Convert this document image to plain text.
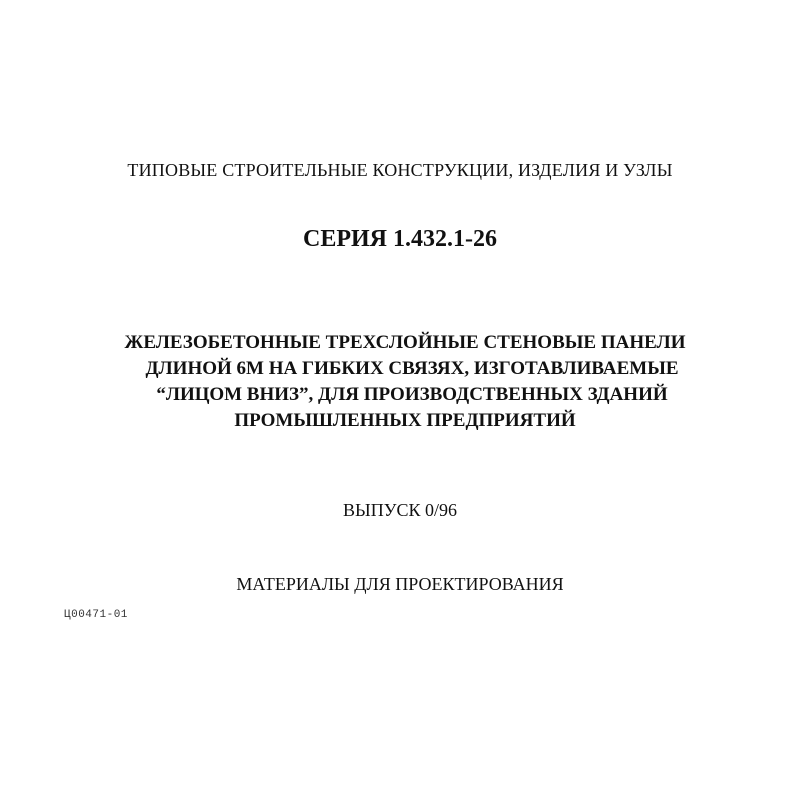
ТИПОВЫЕ СТРОИТЕЛЬНЫЕ КОНСТРУКЦИИ, ИЗДЕЛИЯ И УЗЛЫ
СЕРИЯ 1.432.1-26
ЖЕЛЕЗОБЕТОННЫЕ ТРЕХСЛОЙНЫЕ СТЕНОВЫЕ ПАНЕЛИ
ДЛИНОЙ 6М НА ГИБКИХ СВЯЗЯХ, ИЗГОТАВЛИВАЕМЫЕ
“ЛИЦОМ ВНИЗ”, ДЛЯ ПРОИЗВОДСТВЕННЫХ ЗДАНИЙ
ПРОМЫШЛЕННЫХ ПРЕДПРИЯТИЙ
ВЫПУСК 0/96
МАТЕРИАЛЫ ДЛЯ ПРОЕКТИРОВАНИЯ
Ц00471-01
